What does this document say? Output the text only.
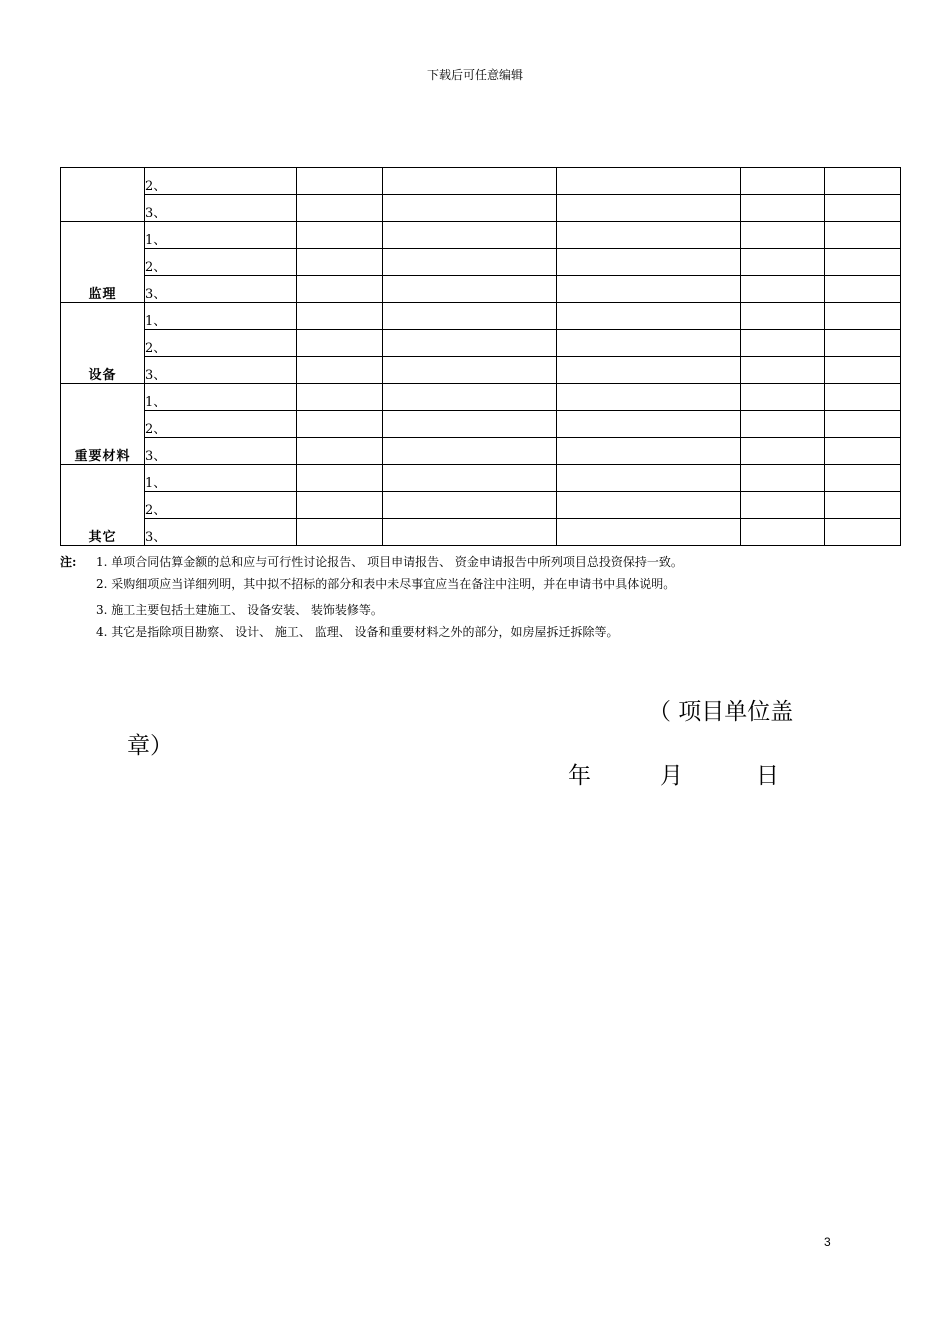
下载后可任意编辑
	2、					
	3、					
监理	1、					
	2、					
	3、					
设备	1、					
	2、					
	3、					
重要材料	1、					
	2、					
	3、					
其它	1、					
	2、					
	3、					
注: 1. 单项合同估算金额的总和应与可行性讨论报告、 项目申请报告、 资金申请报告中所列项目总投资保持一致。
2. 采购细项应当详细列明，其中拟不招标的部分和表中未尽事宜应当在备注中注明，并在申请书中具体说明。
3. 施工主要包括土建施工、 设备安装、 装饰装修等。
4. 其它是指除项目勘察、 设计、 施工、 监理、 设备和重要材料之外的部分，如房屋拆迁拆除等。
（ 项目单位盖
章）
年	月	日
3
